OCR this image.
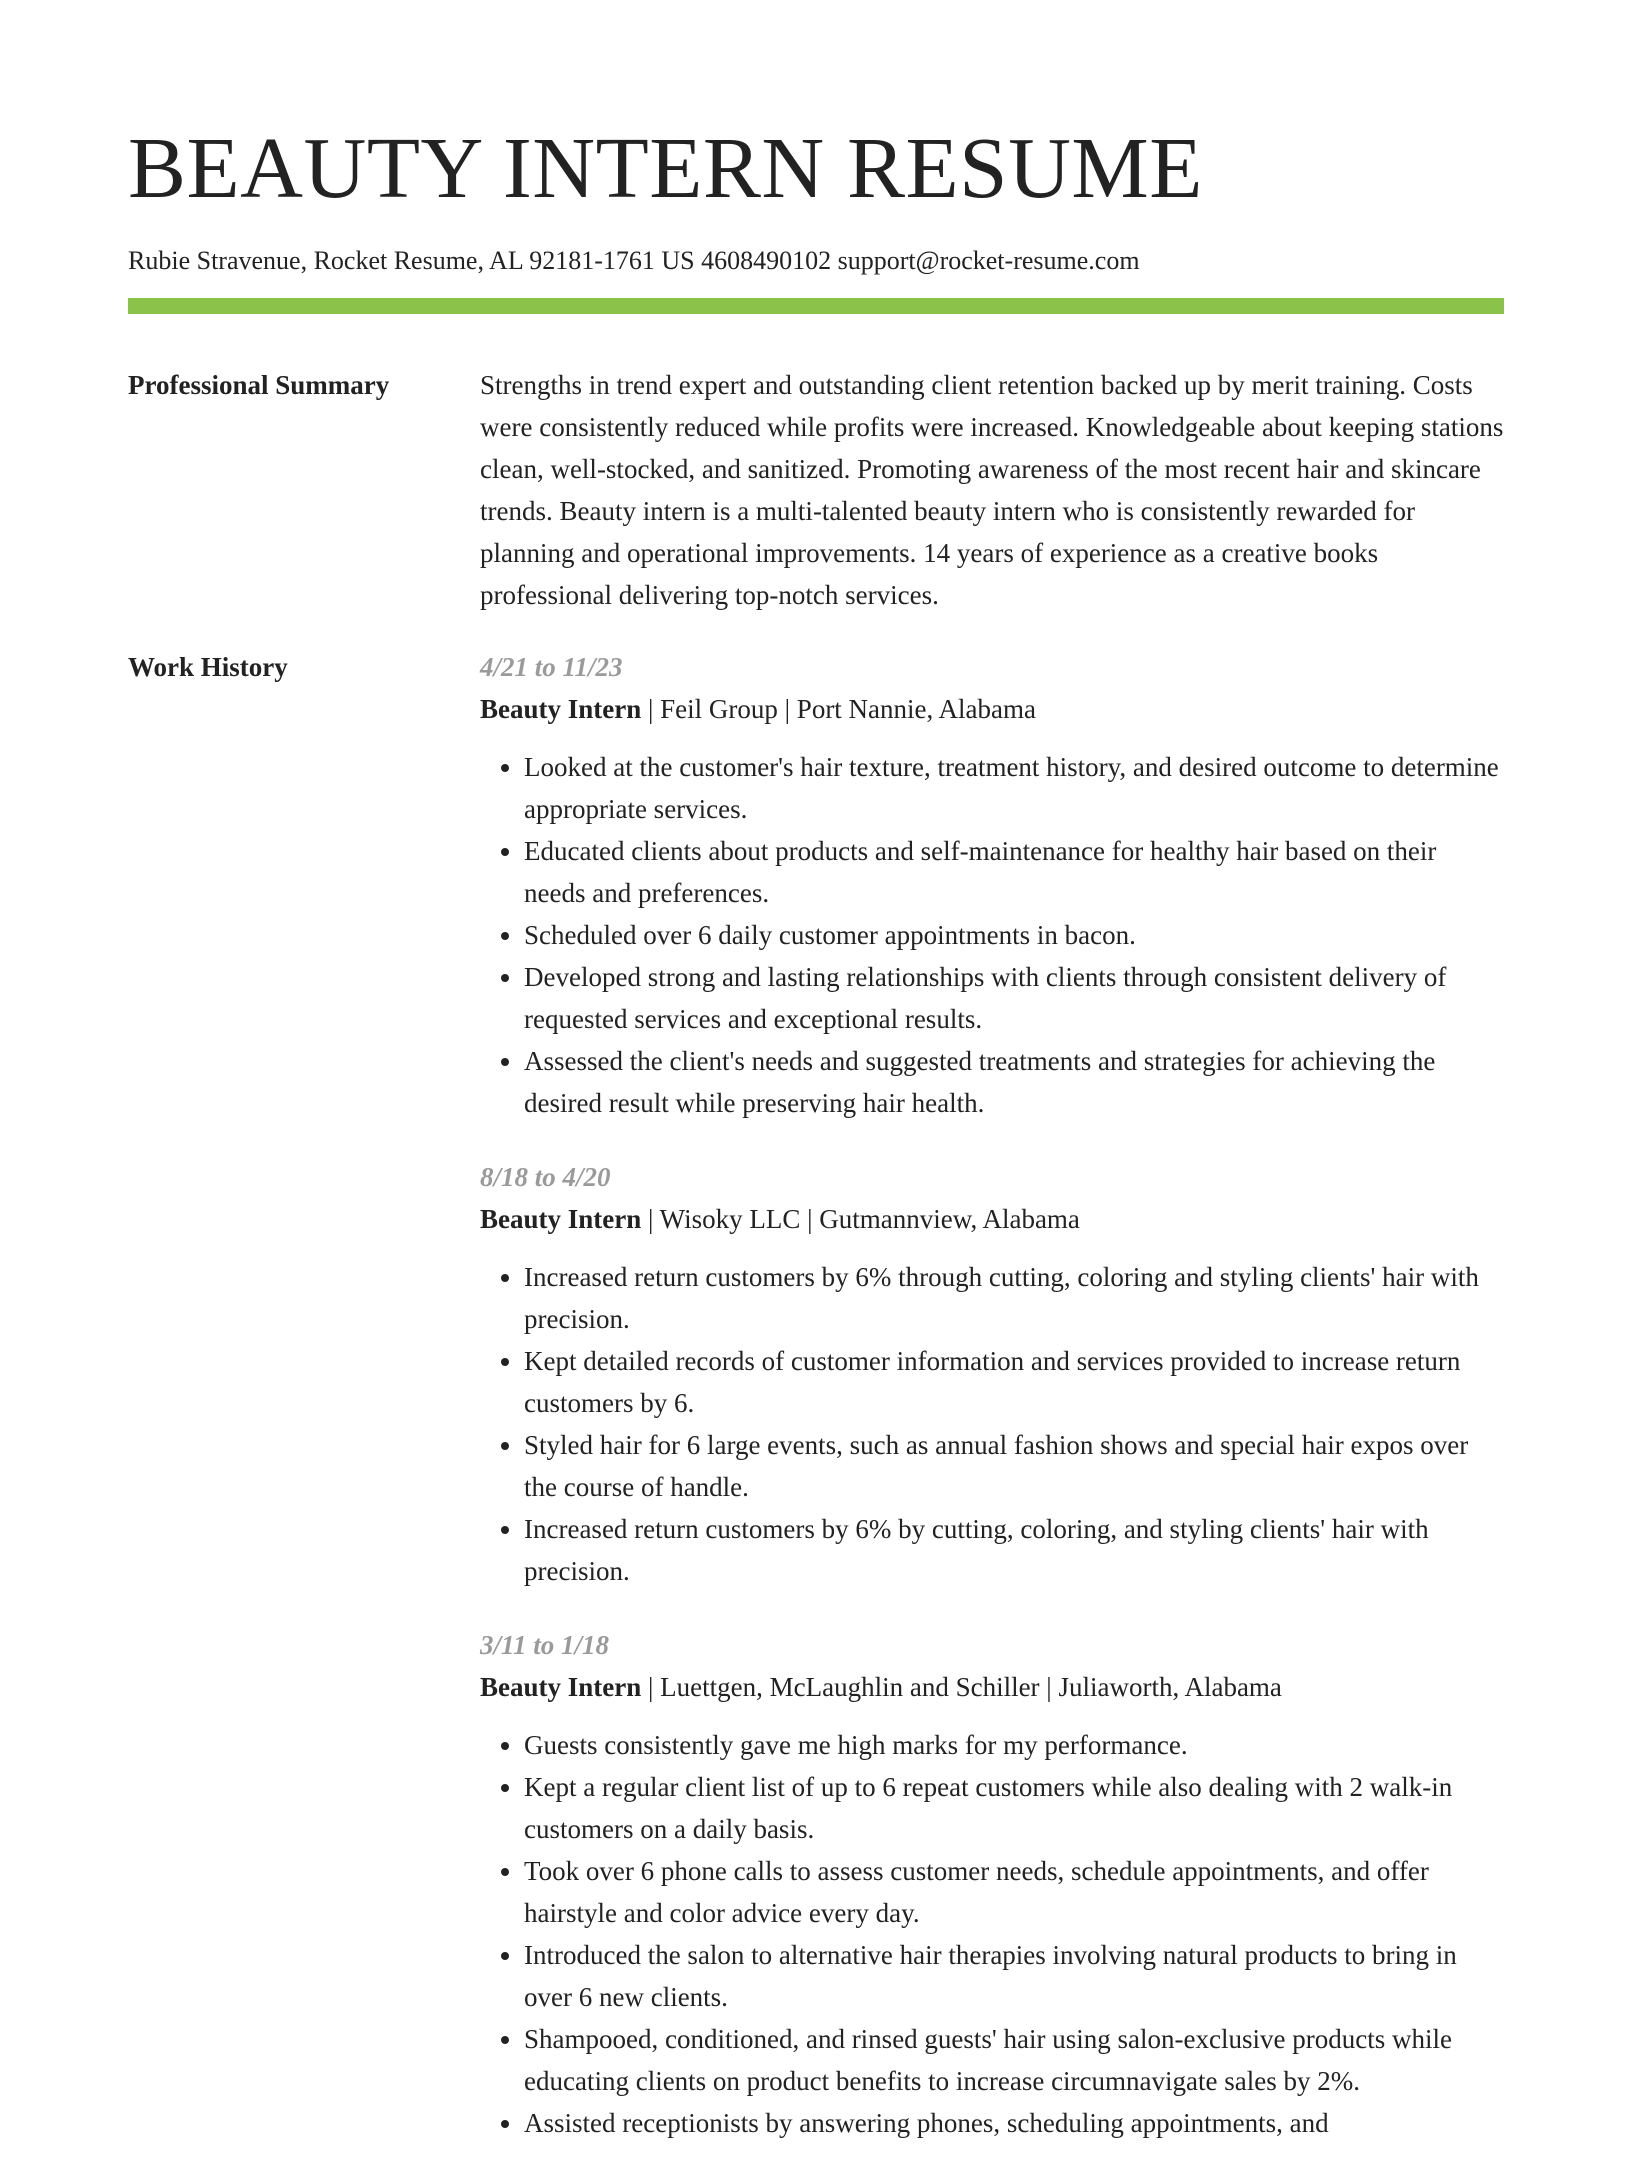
BEAUTY INTERN RESUME
Rubie Stravenue, Rocket Resume, AL 92181-1761 US 4608490102 support@rocket-resume.com
Professional Summary	Strengths in trend expert and outstanding client retention backed up by merit training. Costs were consistently reduced while profits were increased. Knowledgeable about keeping stations clean, well-stocked, and sanitized. Promoting awareness of the most recent hair and skincare trends. Beauty intern is a multi-talented beauty intern who is consistently rewarded for planning and operational improvements. 14 years of experience as a creative books professional delivering top-notch services.

Work History	4/21 to 11/23
Beauty Intern | Feil Group | Port Nannie, Alabama
• Looked at the customer's hair texture, treatment history, and desired outcome to determine appropriate services.
• Educated clients about products and self-maintenance for healthy hair based on their needs and preferences.
• Scheduled over 6 daily customer appointments in bacon.
• Developed strong and lasting relationships with clients through consistent delivery of requested services and exceptional results.
• Assessed the client's needs and suggested treatments and strategies for achieving the desired result while preserving hair health.
8/18 to 4/20
Beauty Intern | Wisoky LLC | Gutmannview, Alabama
• Increased return customers by 6% through cutting, coloring and styling clients' hair with precision.
• Kept detailed records of customer information and services provided to increase return customers by 6.
• Styled hair for 6 large events, such as annual fashion shows and special hair expos over the course of handle.
• Increased return customers by 6% by cutting, coloring, and styling clients' hair with precision.
3/11 to 1/18
Beauty Intern | Luettgen, McLaughlin and Schiller | Juliaworth, Alabama
• Guests consistently gave me high marks for my performance.
• Kept a regular client list of up to 6 repeat customers while also dealing with 2 walk-in customers on a daily basis.
• Took over 6 phone calls to assess customer needs, schedule appointments, and offer hairstyle and color advice every day.
• Introduced the salon to alternative hair therapies involving natural products to bring in over 6 new clients.
• Shampooed, conditioned, and rinsed guests' hair using salon-exclusive products while educating clients on product benefits to increase circumnavigate sales by 2%.
• Assisted receptionists by answering phones, scheduling appointments, and
